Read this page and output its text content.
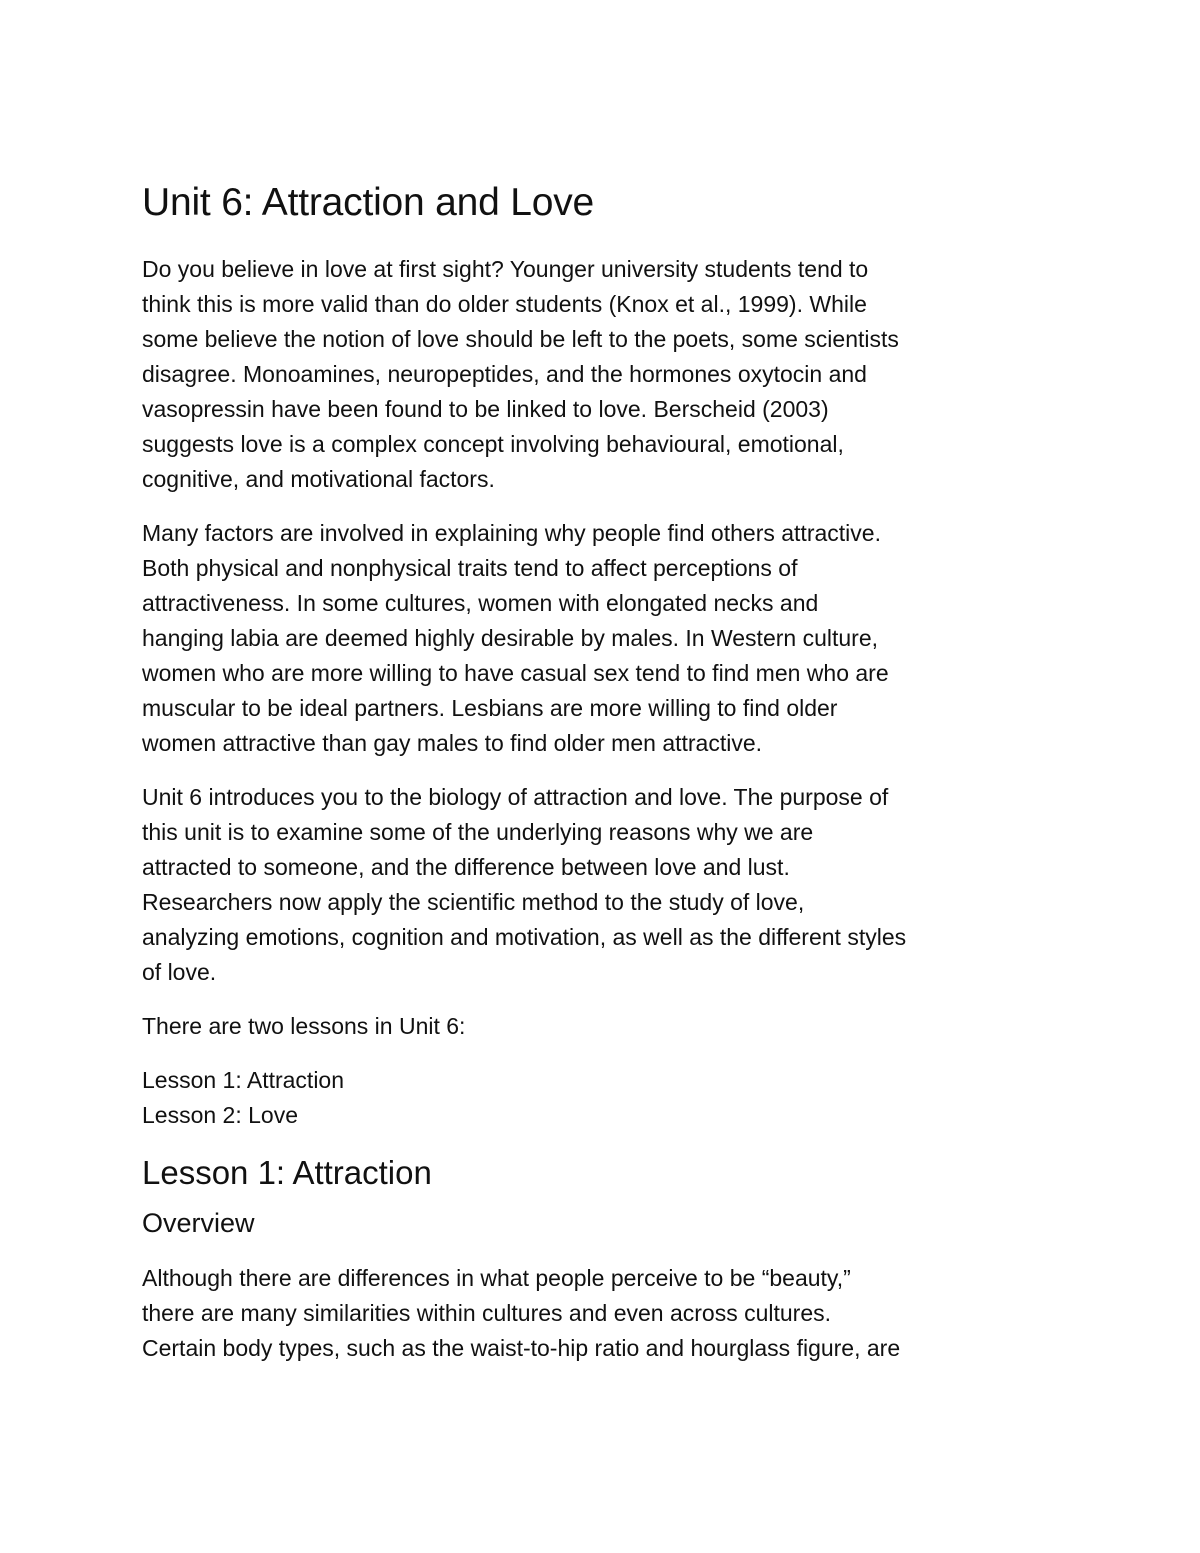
Unit 6: Attraction and Love

Do you believe in love at first sight? Younger university students tend to
think this is more valid than do older students (Knox et al., 1999). While
some believe the notion of love should be left to the poets, some scientists
disagree. Monoamines, neuropeptides, and the hormones oxytocin and
vasopressin have been found to be linked to love. Berscheid (2003)
suggests love is a complex concept involving behavioural, emotional,
cognitive, and motivational factors.

Many factors are involved in explaining why people find others attractive.
Both physical and nonphysical traits tend to affect perceptions of
attractiveness. In some cultures, women with elongated necks and
hanging labia are deemed highly desirable by males. In Western culture,
women who are more willing to have casual sex tend to find men who are
muscular to be ideal partners. Lesbians are more willing to find older
women attractive than gay males to find older men attractive.

Unit 6 introduces you to the biology of attraction and love. The purpose of
this unit is to examine some of the underlying reasons why we are
attracted to someone, and the difference between love and lust.
Researchers now apply the scientific method to the study of love,
analyzing emotions, cognition and motivation, as well as the different styles
of love.

There are two lessons in Unit 6:

Lesson 1: Attraction
Lesson 2: Love
Lesson 1: Attraction
Overview

Although there are differences in what people perceive to be “beauty,”
there are many similarities within cultures and even across cultures.
Certain body types, such as the waist-to-hip ratio and hourglass figure, are
